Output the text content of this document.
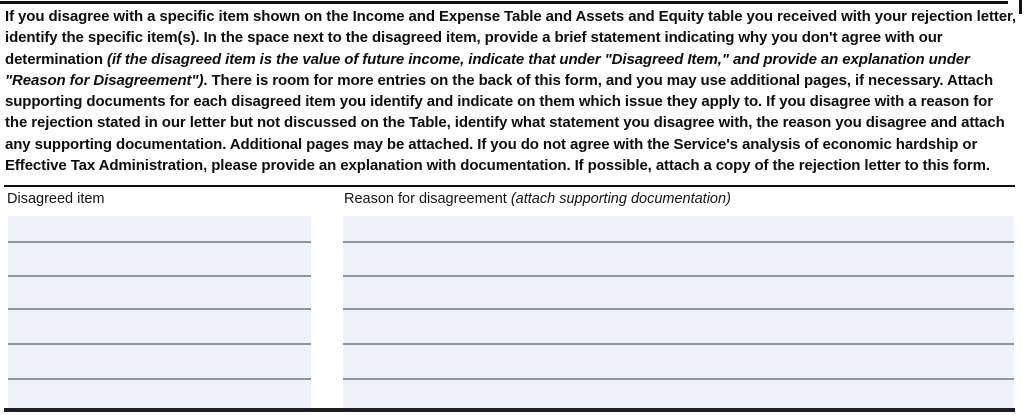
If you disagree with a specific item shown on the Income and Expense Table and Assets and Equity table you received with your rejection letter, identify the specific item(s). In the space next to the disagreed item, provide a brief statement indicating why you don't agree with our determination (if the disagreed item is the value of future income, indicate that under "Disagreed Item," and provide an explanation under "Reason for Disagreement"). There is room for more entries on the back of this form, and you may use additional pages, if necessary. Attach supporting documents for each disagreed item you identify and indicate on them which issue they apply to. If you disagree with a reason for the rejection stated in our letter but not discussed on the Table, identify what statement you disagree with, the reason you disagree and attach any supporting documentation. Additional pages may be attached. If you do not agree with the Service's analysis of economic hardship or Effective Tax Administration, please provide an explanation with documentation. If possible, attach a copy of the rejection letter to this form.

Disagreed item	Reason for disagreement (attach supporting documentation)
